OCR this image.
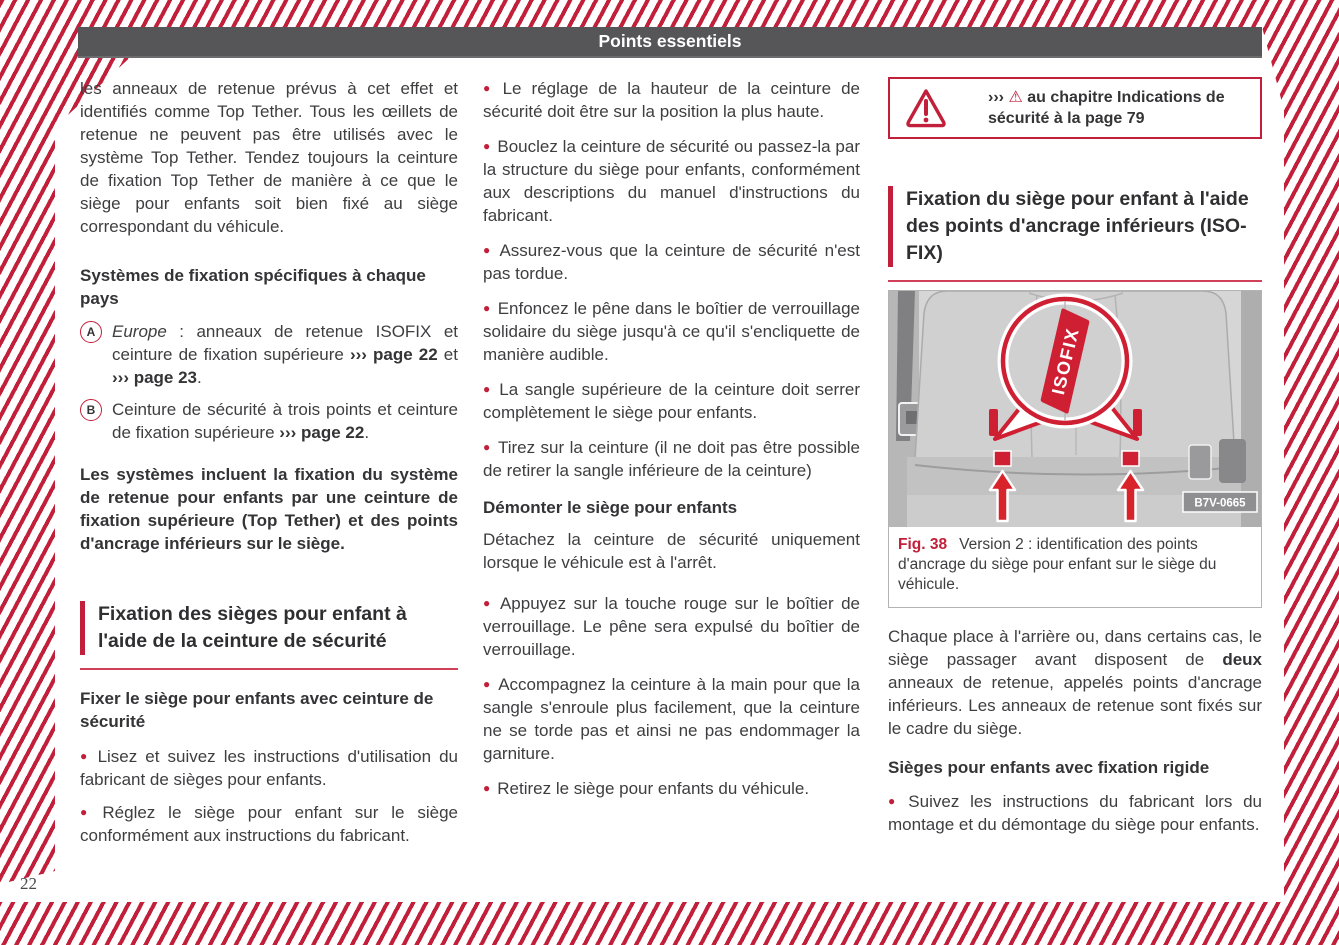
Points essentiels

les anneaux de retenue prévus à cet effet et identifiés comme Top Tether. Tous les œillets de retenue ne peuvent pas être utilisés avec le système Top Tether. Tendez toujours la ceinture de fixation Top Tether de manière à ce que le siège pour enfants soit bien fixé au siège correspondant du véhicule.

Systèmes de fixation spécifiques à chaque pays
A Europe : anneaux de retenue ISOFIX et ceinture de fixation supérieure ››› page 22 et ››› page 23.

B Ceinture de sécurité à trois points et ceinture de fixation supérieure ››› page 22.

Les systèmes incluent la fixation du système de retenue pour enfants par une ceinture de fixation supérieure (Top Tether) et des points d'ancrage inférieurs sur le siège.

Fixation des sièges pour enfant à l'aide de la ceinture de sécurité
Fixer le siège pour enfants avec ceinture de sécurité

● Lisez et suivez les instructions d'utilisation du fabricant de sièges pour enfants.

● Réglez le siège pour enfant sur le siège conformément aux instructions du fabricant.

● Le réglage de la hauteur de la ceinture de sécurité doit être sur la position la plus haute.

● Bouclez la ceinture de sécurité ou passez-la par la structure du siège pour enfants, conformément aux descriptions du manuel d'instructions du fabricant.

● Assurez-vous que la ceinture de sécurité n'est pas tordue.

● Enfoncez le pêne dans le boîtier de verrouillage solidaire du siège jusqu'à ce qu'il s'encliquette de manière audible.

● La sangle supérieure de la ceinture doit serrer complètement le siège pour enfants.

● Tirez sur la ceinture (il ne doit pas être possible de retirer la sangle inférieure de la ceinture)

Démonter le siège pour enfants

Détachez la ceinture de sécurité uniquement lorsque le véhicule est à l'arrêt.

● Appuyez sur la touche rouge sur le boîtier de verrouillage. Le pêne sera expulsé du boîtier de verrouillage.

● Accompagnez la ceinture à la main pour que la sangle s'enroule plus facilement, que la ceinture ne se torde pas et ainsi ne pas endommager la garniture.

● Retirez le siège pour enfants du véhicule.

››› ⚠ au chapitre Indications de sécurité à la page 79

Fixation du siège pour enfant à l'aide des points d'ancrage inférieurs (ISOFIX)
ISOFIX
B7V-0665
Fig. 38 Version 2 : identification des points d'ancrage du siège pour enfant sur le siège du véhicule.

Chaque place à l'arrière ou, dans certains cas, le siège passager avant disposent de deux anneaux de retenue, appelés points d'ancrage inférieurs. Les anneaux de retenue sont fixés sur le cadre du siège.

Sièges pour enfants avec fixation rigide

● Suivez les instructions du fabricant lors du montage et du démontage du siège pour enfants.

22
